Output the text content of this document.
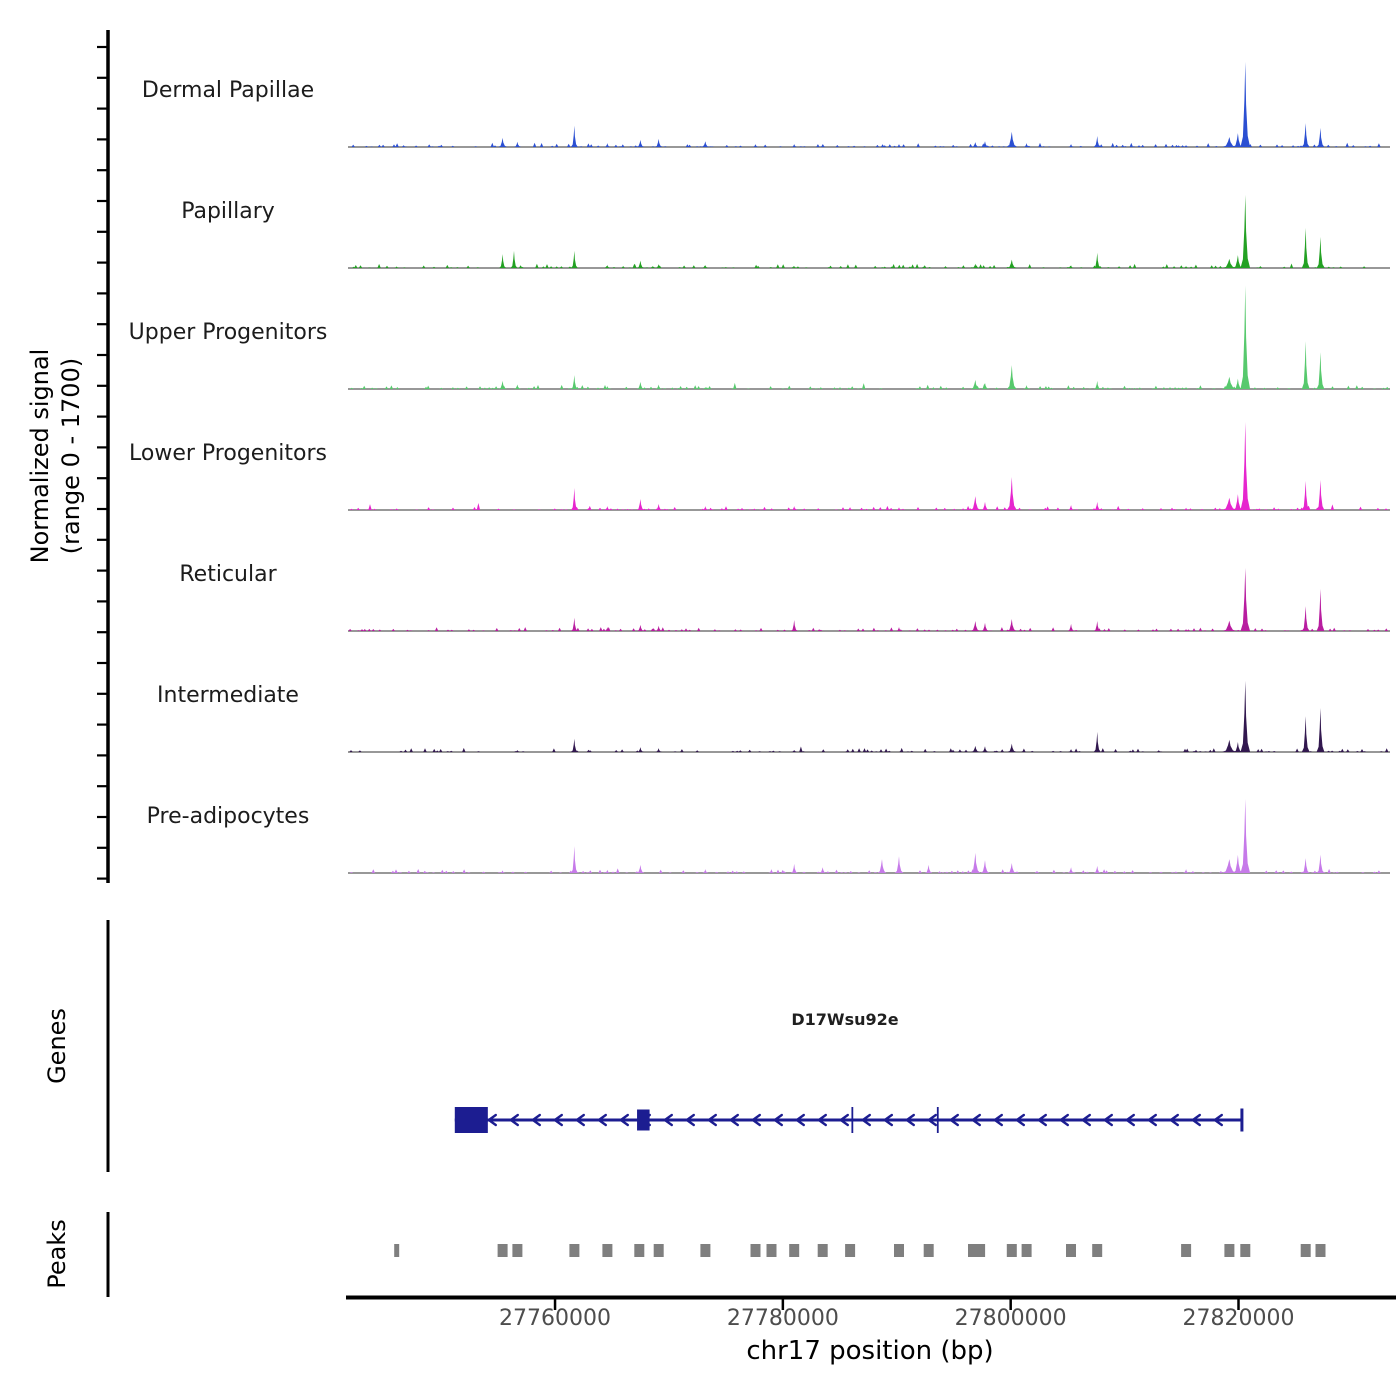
Normalized signal (range 0 - 1700)
Dermal Papillae
Papillary
Upper Progenitors
Lower Progenitors
Reticular
Intermediate
Pre-adipocytes
Genes	D17Wsu92e
Peaks
27760000	27780000	27800000	27820000
chr17 position (bp)
